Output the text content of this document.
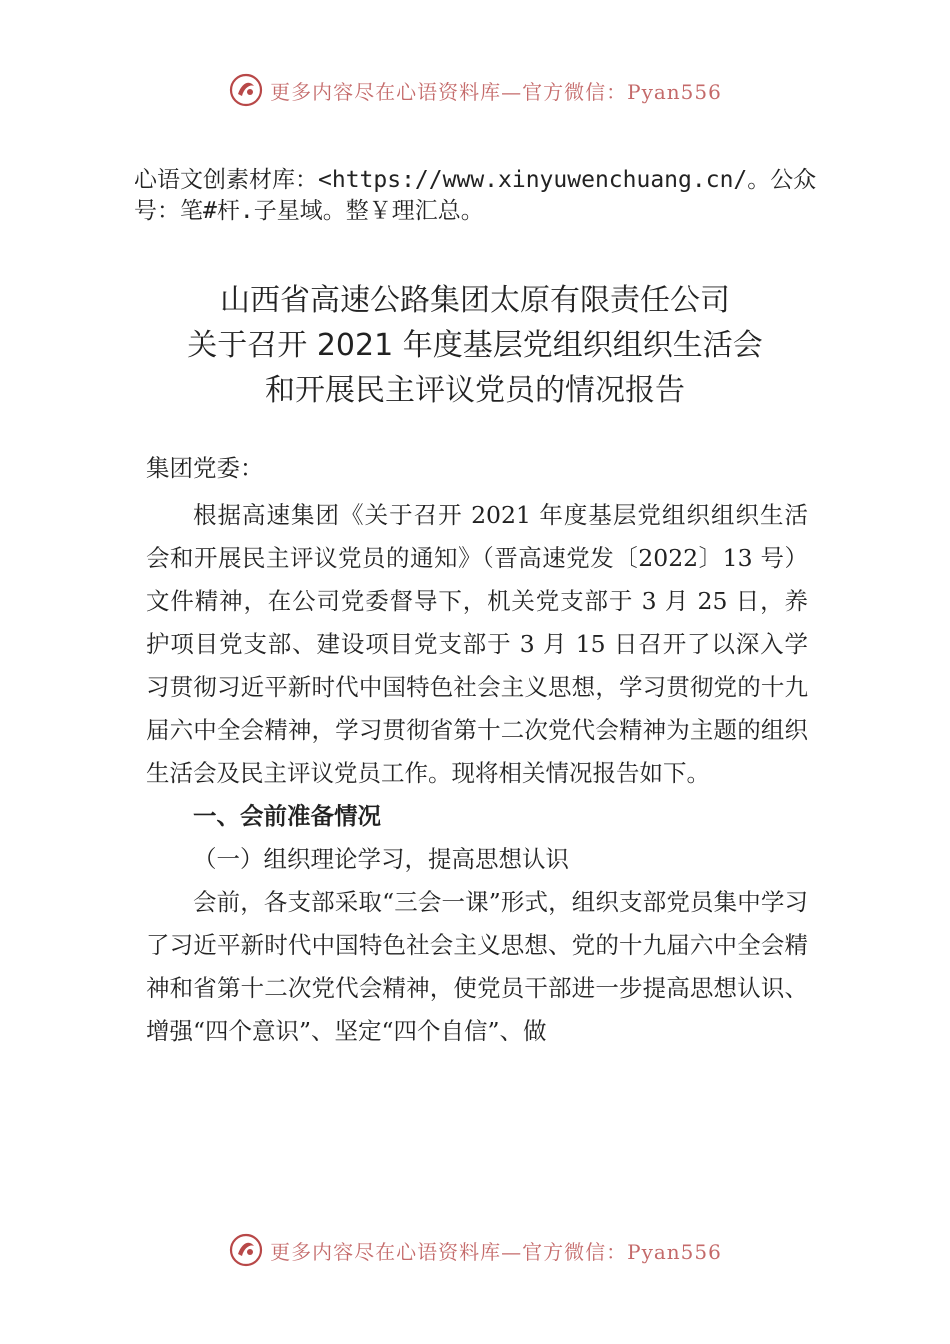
更多内容尽在心语资料库—官方微信：Pyan556
心语文创素材库：<https://www.xinyuwenchuang.cn/。公众号：笔#杆.子星域。整￥理汇总。
山西省高速公路集团太原有限责任公司
关于召开 2021 年度基层党组织组织生活会
和开展民主评议党员的情况报告

集团党委：

根据高速集团《关于召开 2021 年度基层党组织组织生活会和开展民主评议党员的通知》（晋高速党发〔2022〕13 号）文件精神，在公司党委督导下，机关党支部于 3 月 25 日，养护项目党支部、建设项目党支部于 3 月 15 日召开了以深入学习贯彻习近平新时代中国特色社会主义思想，学习贯彻党的十九届六中全会精神，学习贯彻省第十二次党代会精神为主题的组织生活会及民主评议党员工作。现将相关情况报告如下。

一、会前准备情况

（一）组织理论学习，提高思想认识

会前，各支部采取“三会一课”形式，组织支部党员集中学习了习近平新时代中国特色社会主义思想、党的十九届六中全会精神和省第十二次党代会精神，使党员干部进一步提高思想认识、增强“四个意识”、坚定“四个自信”、做

更多内容尽在心语资料库—官方微信：Pyan556
